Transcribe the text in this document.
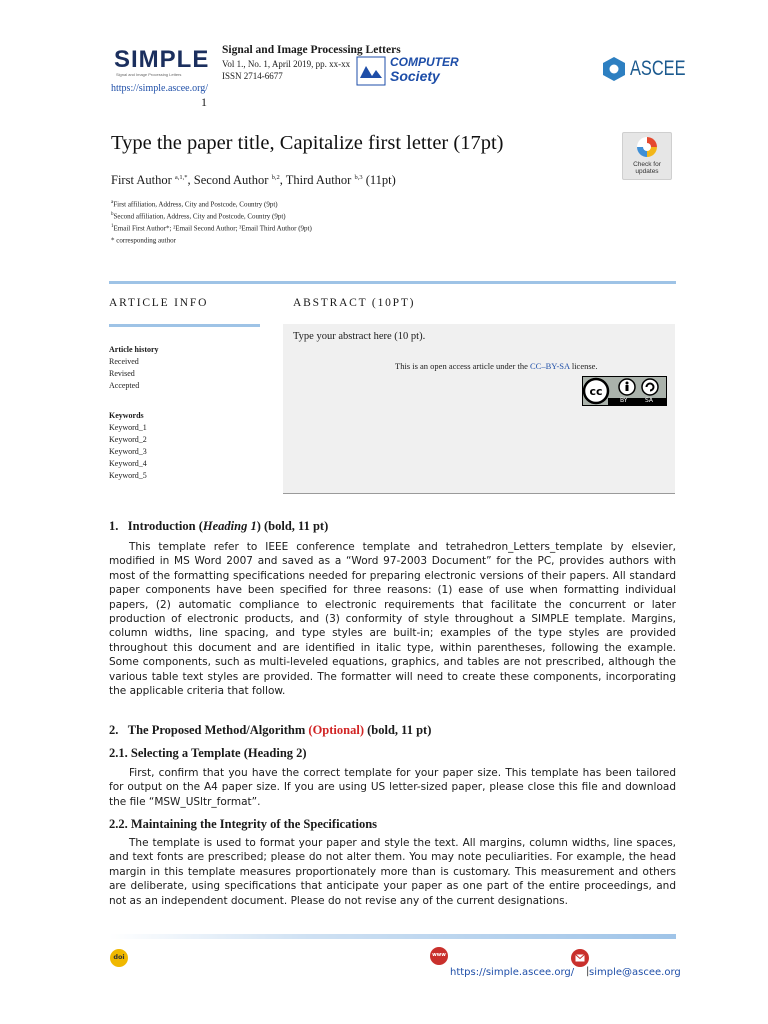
SIMPLE
Signal and Image Processing Letters
Signal and Image Processing Letters
Vol 1., No. 1, April 2019, pp. xx-xx
ISSN 2714-6677
COMPUTER
Society	ASCEE
https://simple.ascee.org/
1
Type the paper title, Capitalize first letter (17pt)
Check for
updates
First Author $^{a,1,*}$, Second Author $^{b,2}$, Third Author $^{b,3}$ (11pt)
$^a$First affiliation, Address, City and Postcode, Country (9pt)
$^b$Second affiliation, Address, City and Postcode, Country (9pt)
$^1$Email First Author*; ²Email Second Author; ³Email Third Author (9pt)
* corresponding author
ARTICLE INFO	ABSTRACT (10PT)
Type your abstract here (10 pt).
This is an open access article under the CC–BY-SA license.
cc
BY	SA
Article history
Received
Revised
Accepted
Keywords
Keyword_1
Keyword_2
Keyword_3
Keyword_4
Keyword_5
1. Introduction (Heading 1) (bold, 11 pt)

This template refer to IEEE conference template and tetrahedron_Letters_template by elsevier, modified in MS Word 2007 and saved as a “Word 97-2003 Document” for the PC, provides authors with most of the formatting specifications needed for preparing electronic versions of their papers. All standard paper components have been specified for three reasons: (1) ease of use when formatting individual papers, (2) automatic compliance to electronic requirements that facilitate the concurrent or later production of electronic products, and (3) conformity of style throughout a SIMPLE template. Margins, column widths, line spacing, and type styles are built-in; examples of the type styles are provided throughout this document and are identified in italic type, within parentheses, following the example. Some components, such as multi-leveled equations, graphics, and tables are not prescribed, although the various table text styles are provided. The formatter will need to create these components, incorporating the applicable criteria that follow.

2. The Proposed Method/Algorithm (Optional) (bold, 11 pt)
2.1. Selecting a Template (Heading 2)

First, confirm that you have the correct template for your paper size. This template has been tailored for output on the A4 paper size. If you are using US letter-sized paper, please close this file and download the file “MSW_USltr_format”.

2.2. Maintaining the Integrity of the Specifications

The template is used to format your paper and style the text. All margins, column widths, line spaces, and text fonts are prescribed; please do not alter them. You may note peculiarities. For example, the head margin in this template measures proportionately more than is customary. This measurement and others are deliberate, using specifications that anticipate your paper as one part of the entire proceedings, and not as an independent document. Please do not revise any of the current designations.

doi	www
https://simple.ascee.org/ | simple@ascee.org
